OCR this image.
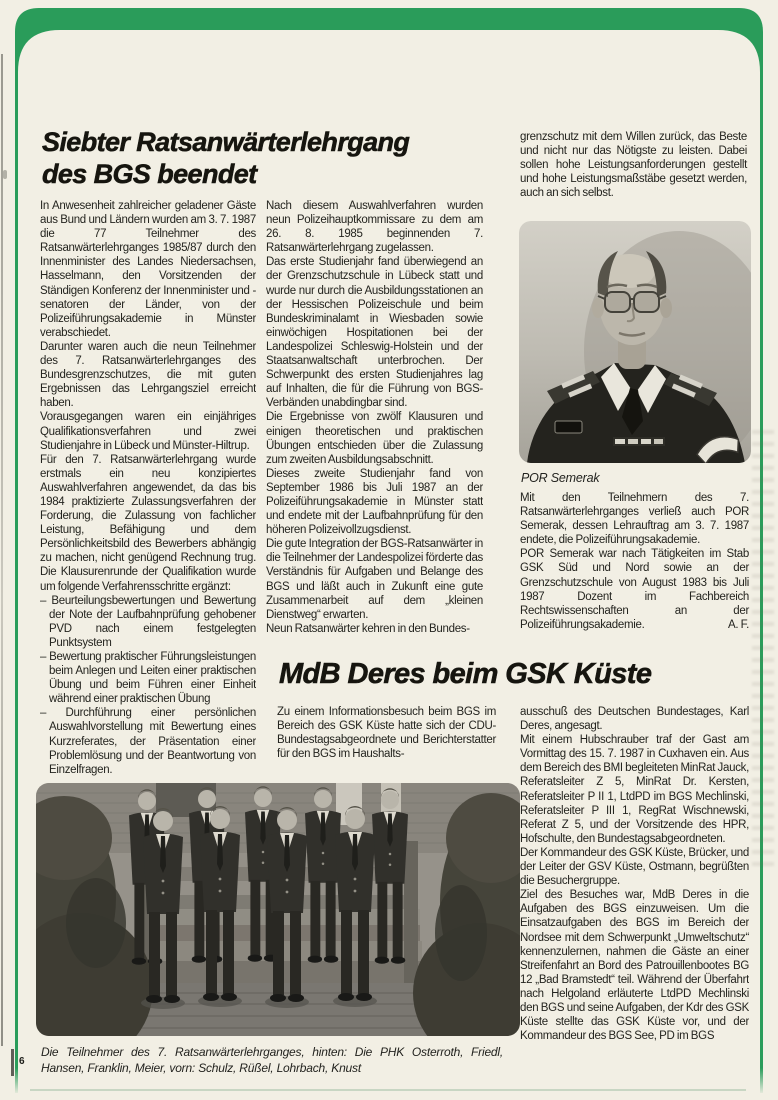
Siebter Ratsanwärterlehrgang
des BGS beendet

In Anwesenheit zahlreicher geladener Gäste aus Bund und Ländern wurden am 3. 7. 1987 die 77 Teilnehmer des Ratsanwärterlehrganges 1985/87 durch den Innenminister des Landes Niedersachsen, Hasselmann, den Vorsitzenden der Ständigen Konferenz der Innenminister und -senatoren der Länder, von der Polizeiführungsakademie in Münster verabschiedet.

Darunter waren auch die neun Teilnehmer des 7. Ratsanwärterlehrganges des Bundesgrenzschutzes, die mit guten Ergebnissen das Lehrgangsziel erreicht haben.

Vorausgegangen waren ein einjähriges Qualifikationsverfahren und zwei Studienjahre in Lübeck und Münster-Hiltrup.

Für den 7. Ratsanwärterlehrgang wurde erstmals ein neu konzipiertes Auswahlverfahren angewendet, da das bis 1984 praktizierte Zulassungsverfahren der Forderung, die Zulassung von fachlicher Leistung, Befähigung und dem Persönlichkeitsbild des Bewerbers abhängig zu machen, nicht genügend Rechnung trug. Die Klausurenrunde der Qualifikation wurde um folgende Verfahrensschritte ergänzt:

– Beurteilungsbewertungen und Bewertung der Note der Laufbahnprüfung gehobener PVD nach einem festgelegten Punktsystem

– Bewertung praktischer Führungsleistungen beim Anlegen und Leiten einer praktischen Übung und beim Führen einer Einheit während einer praktischen Übung

– Durchführung einer persönlichen Auswahlvorstellung mit Bewertung eines Kurzreferates, der Präsentation einer Problemlösung und der Beantwortung von Einzelfragen.

Nach diesem Auswahlverfahren wurden neun Polizeihauptkommissare zu dem am 26. 8. 1985 beginnenden 7. Ratsanwärterlehrgang zugelassen.

Das erste Studienjahr fand überwiegend an der Grenzschutzschule in Lübeck statt und wurde nur durch die Ausbildungsstationen an der Hessischen Polizeischule und beim Bundeskriminalamt in Wiesbaden sowie einwöchigen Hospitationen bei der Landespolizei Schleswig-Holstein und der Staatsanwaltschaft unterbrochen. Der Schwerpunkt des ersten Studienjahres lag auf Inhalten, die für die Führung von BGS-Verbänden unabdingbar sind.

Die Ergebnisse von zwölf Klausuren und einigen theoretischen und praktischen Übungen entschieden über die Zulassung zum zweiten Ausbildungsabschnitt.

Dieses zweite Studienjahr fand von September 1986 bis Juli 1987 an der Polizeiführungsakademie in Münster statt und endete mit der Laufbahnprüfung für den höheren Polizeivollzugsdienst.

Die gute Integration der BGS-Ratsanwärter in die Teilnehmer der Landespolizei förderte das Verständnis für Aufgaben und Belange des BGS und läßt auch in Zukunft eine gute Zusammenarbeit auf dem „kleinen Dienstweg“ erwarten.

Neun Ratsanwärter kehren in den Bundes-

grenzschutz mit dem Willen zurück, das Beste und nicht nur das Nötigste zu leisten. Dabei sollen hohe Leistungsanforderungen gestellt und hohe Leistungsmaßstäbe gesetzt werden, auch an sich selbst.

POR Semerak

Mit den Teilnehmern des 7. Ratsanwärterlehrganges verließ auch POR Semerak, dessen Lehrauftrag am 3. 7. 1987 endete, die Polizeiführungsakademie.

POR Semerak war nach Tätigkeiten im Stab GSK Süd und Nord sowie an der Grenzschutzschule von August 1983 bis Juli 1987 Dozent im Fachbereich Rechtswissenschaften an der Polizeiführungsakademie.	A. F.
MdB Deres beim GSK Küste

Zu einem Informationsbesuch beim BGS im Bereich des GSK Küste hatte sich der CDU-Bundestagsabgeordnete und Berichterstatter für den BGS im Haushalts-

Die Teilnehmer des 7. Ratsanwärterlehrganges, hinten: Die PHK Osterroth, Friedl, Hansen, Franklin, Meier, vorn: Schulz, Rüßel, Lohrbach, Knust
6

ausschuß des Deutschen Bundestages, Karl Deres, angesagt.

Mit einem Hubschrauber traf der Gast am Vormittag des 15. 7. 1987 in Cuxhaven ein. Aus dem Bereich des BMI begleiteten MinRat Jauck, Referatsleiter Z 5, MinRat Dr. Kersten, Referatsleiter P II 1, LtdPD im BGS Mechlinski, Referatsleiter P III 1, RegRat Wischnewski, Referat Z 5, und der Vorsitzende des HPR, Hofschulte, den Bundestagsabgeordneten.

Der Kommandeur des GSK Küste, Brücker, und der Leiter der GSV Küste, Ostmann, begrüßten die Besuchergruppe.

Ziel des Besuches war, MdB Deres in die Aufgaben des BGS einzuweisen. Um die Einsatzaufgaben des BGS im Bereich der Nordsee mit dem Schwerpunkt „Umweltschutz“ kennenzulernen, nahmen die Gäste an einer Streifenfahrt an Bord des Patrouillenbootes BG 12 „Bad Bramstedt“ teil. Während der Überfahrt nach Helgoland erläuterte LtdPD Mechlinski den BGS und seine Aufgaben, der Kdr des GSK Küste stellte das GSK Küste vor, und der Kommandeur des BGS See, PD im BGS
